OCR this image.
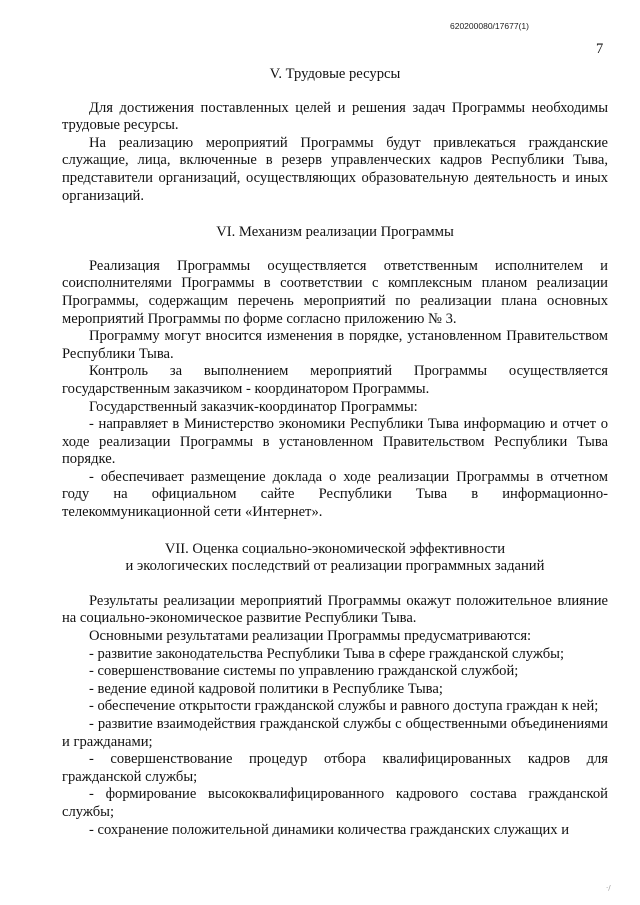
620200080/17677(1)
7
V. Трудовые ресурсы

Для достижения поставленных целей и решения задач Программы необходимы трудовые ресурсы.

На реализацию мероприятий Программы будут привлекаться гражданские служащие, лица, включенные в резерв управленческих кадров Республики Тыва, представители организаций, осуществляющих образовательную деятельность и иных организаций.

VI. Механизм реализации Программы

Реализация Программы осуществляется ответственным исполнителем и соисполнителями Программы в соответствии с комплексным планом реализации Программы, содержащим перечень мероприятий по реализации плана основных мероприятий Программы по форме согласно приложению № 3.

Программу могут вносится изменения в порядке, установленном Правительством Республики Тыва.

Контроль за выполнением мероприятий Программы осуществляется государственным заказчиком - координатором Программы.

Государственный заказчик-координатор Программы:

- направляет в Министерство экономики Республики Тыва информацию и отчет о ходе реализации Программы в установленном Правительством Республики Тыва порядке.

- обеспечивает размещение доклада о ходе реализации Программы в отчетном году на официальном сайте Республики Тыва в информационно-телекоммуникационной сети «Интернет».

VII. Оценка социально-экономической эффективности
и экологических последствий от реализации программных заданий

Результаты реализации мероприятий Программы окажут положительное влияние на социально-экономическое развитие Республики Тыва.

Основными результатами реализации Программы предусматриваются:

- развитие законодательства Республики Тыва в сфере гражданской службы;

- совершенствование системы по управлению гражданской службой;

- ведение единой кадровой политики в Республике Тыва;

- обеспечение открытости гражданской службы и равного доступа граждан к ней;

- развитие взаимодействия гражданской службы с общественными объединениями и гражданами;

- совершенствование процедур отбора квалифицированных кадров для гражданской службы;

- формирование высококвалифицированного кадрового состава гражданской службы;

- сохранение положительной динамики количества гражданских служащих и

·/
